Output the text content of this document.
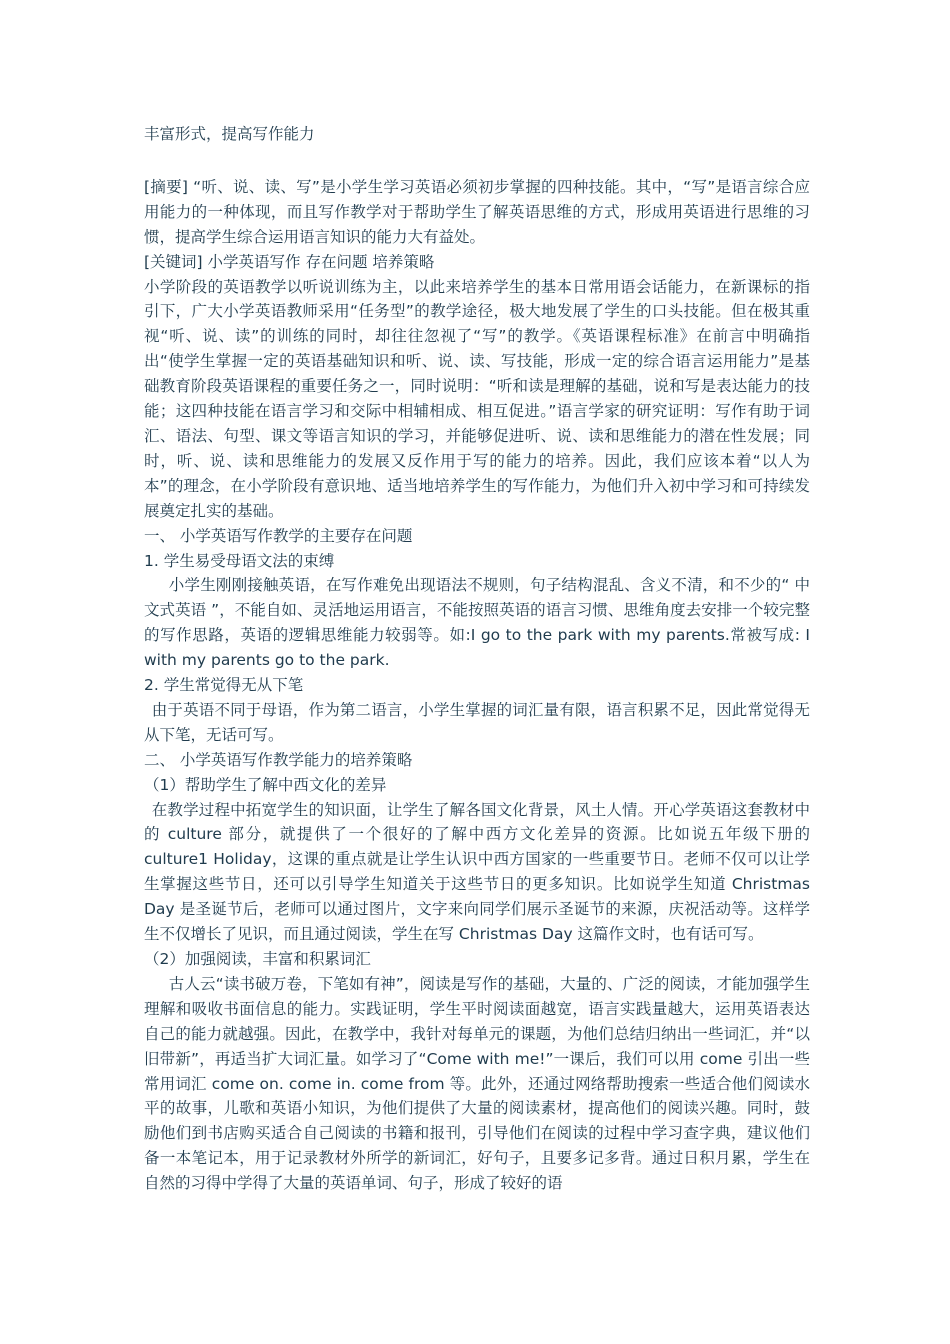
丰富形式，提高写作能力

[摘要] “听、说、读、写”是小学生学习英语必须初步掌握的四种技能。其中，“写”是语言综合应用能力的一种体现，而且写作教学对于帮助学生了解英语思维的方式，形成用英语进行思维的习惯，提高学生综合运用语言知识的能力大有益处。

[关键词] 小学英语写作 存在问题 培养策略

小学阶段的英语教学以听说训练为主，以此来培养学生的基本日常用语会话能力，在新课标的指引下，广大小学英语教师采用“任务型”的教学途径，极大地发展了学生的口头技能。但在极其重视“听、说、读”的训练的同时，却往往忽视了“写”的教学。《英语课程标准》在前言中明确指出“使学生掌握一定的英语基础知识和听、说、读、写技能，形成一定的综合语言运用能力”是基础教育阶段英语课程的重要任务之一，同时说明：“听和读是理解的基础，说和写是表达能力的技能；这四种技能在语言学习和交际中相辅相成、相互促进。”语言学家的研究证明：写作有助于词汇、语法、句型、课文等语言知识的学习，并能够促进听、说、读和思维能力的潜在性发展；同时，听、说、读和思维能力的发展又反作用于写的能力的培养。因此，我们应该本着“以人为本”的理念，在小学阶段有意识地、适当地培养学生的写作能力，为他们升入初中学习和可持续发展奠定扎实的基础。

一、 小学英语写作教学的主要存在问题

1. 学生易受母语文法的束缚

小学生刚刚接触英语，在写作难免出现语法不规则，句子结构混乱、含义不清，和不少的“ 中文式英语 ”，不能自如、灵活地运用语言，不能按照英语的语言习惯、思维角度去安排一个较完整的写作思路，英语的逻辑思维能力较弱等。如:I go to the park with my parents.常被写成: I with my parents go to the park.

2. 学生常觉得无从下笔

由于英语不同于母语，作为第二语言，小学生掌握的词汇量有限，语言积累不足，因此常觉得无从下笔，无话可写。

二、 小学英语写作教学能力的培养策略

（1）帮助学生了解中西文化的差异

在教学过程中拓宽学生的知识面，让学生了解各国文化背景，风土人情。开心学英语这套教材中的 culture 部分，就提供了一个很好的了解中西方文化差异的资源。比如说五年级下册的 culture1 Holiday，这课的重点就是让学生认识中西方国家的一些重要节日。老师不仅可以让学生掌握这些节日，还可以引导学生知道关于这些节日的更多知识。比如说学生知道 Christmas Day 是圣诞节后，老师可以通过图片，文字来向同学们展示圣诞节的来源，庆祝活动等。这样学生不仅增长了见识，而且通过阅读，学生在写 Christmas Day 这篇作文时，也有话可写。

（2）加强阅读，丰富和积累词汇

古人云“读书破万卷，下笔如有神”，阅读是写作的基础，大量的、广泛的阅读，才能加强学生理解和吸收书面信息的能力。实践证明，学生平时阅读面越宽，语言实践量越大，运用英语表达自己的能力就越强。因此，在教学中，我针对每单元的课题，为他们总结归纳出一些词汇，并“以旧带新”，再适当扩大词汇量。如学习了“Come with me!”一课后，我们可以用 come 引出一些常用词汇 come on. come in. come from 等。此外，还通过网络帮助搜索一些适合他们阅读水平的故事，儿歌和英语小知识，为他们提供了大量的阅读素材，提高他们的阅读兴趣。同时，鼓励他们到书店购买适合自己阅读的书籍和报刊，引导他们在阅读的过程中学习查字典，建议他们备一本笔记本，用于记录教材外所学的新词汇，好句子，且要多记多背。通过日积月累，学生在自然的习得中学得了大量的英语单词、句子，形成了较好的语
